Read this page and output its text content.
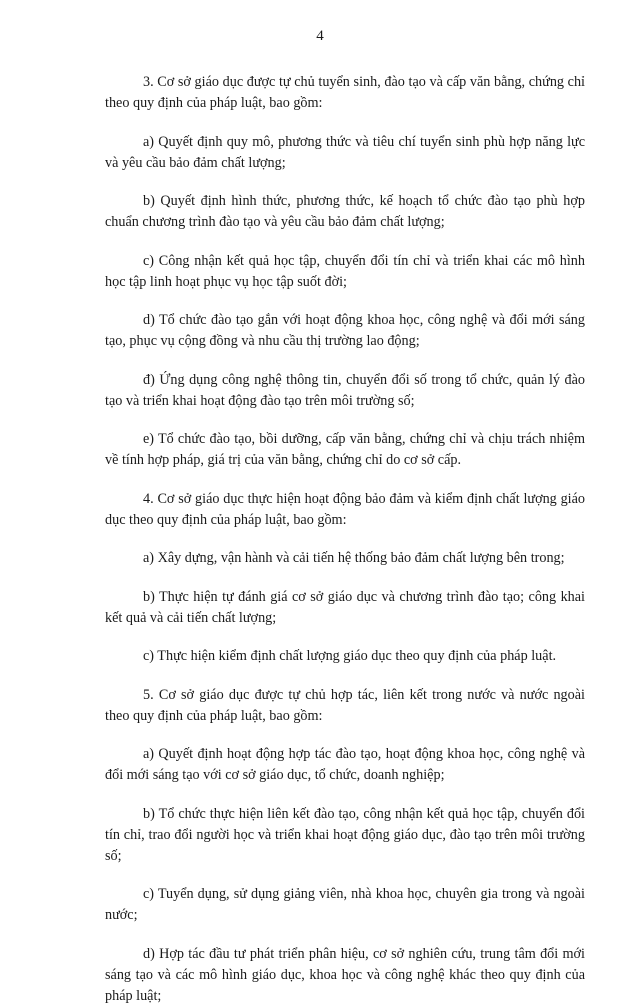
4

3. Cơ sở giáo dục được tự chủ tuyển sinh, đào tạo và cấp văn bằng, chứng chỉ theo quy định của pháp luật, bao gồm:

a) Quyết định quy mô, phương thức và tiêu chí tuyển sinh phù hợp năng lực và yêu cầu bảo đảm chất lượng;

b) Quyết định hình thức, phương thức, kế hoạch tổ chức đào tạo phù hợp chuẩn chương trình đào tạo và yêu cầu bảo đảm chất lượng;

c) Công nhận kết quả học tập, chuyển đổi tín chỉ và triển khai các mô hình học tập linh hoạt phục vụ học tập suốt đời;

d) Tổ chức đào tạo gắn với hoạt động khoa học, công nghệ và đổi mới sáng tạo, phục vụ cộng đồng và nhu cầu thị trường lao động;

đ) Ứng dụng công nghệ thông tin, chuyển đổi số trong tổ chức, quản lý đào tạo và triển khai hoạt động đào tạo trên môi trường số;

e) Tổ chức đào tạo, bồi dưỡng, cấp văn bằng, chứng chỉ và chịu trách nhiệm về tính hợp pháp, giá trị của văn bằng, chứng chỉ do cơ sở cấp.

4. Cơ sở giáo dục thực hiện hoạt động bảo đảm và kiểm định chất lượng giáo dục theo quy định của pháp luật, bao gồm:

a) Xây dựng, vận hành và cải tiến hệ thống bảo đảm chất lượng bên trong;

b) Thực hiện tự đánh giá cơ sở giáo dục và chương trình đào tạo; công khai kết quả và cải tiến chất lượng;

c) Thực hiện kiểm định chất lượng giáo dục theo quy định của pháp luật.

5. Cơ sở giáo dục được tự chủ hợp tác, liên kết trong nước và nước ngoài theo quy định của pháp luật, bao gồm:

a) Quyết định hoạt động hợp tác đào tạo, hoạt động khoa học, công nghệ và đổi mới sáng tạo với cơ sở giáo dục, tổ chức, doanh nghiệp;

b) Tổ chức thực hiện liên kết đào tạo, công nhận kết quả học tập, chuyển đổi tín chỉ, trao đổi người học và triển khai hoạt động giáo dục, đào tạo trên môi trường số;

c) Tuyển dụng, sử dụng giảng viên, nhà khoa học, chuyên gia trong và ngoài nước;

d) Hợp tác đầu tư phát triển phân hiệu, cơ sở nghiên cứu, trung tâm đổi mới sáng tạo và các mô hình giáo dục, khoa học và công nghệ khác theo quy định của pháp luật;
